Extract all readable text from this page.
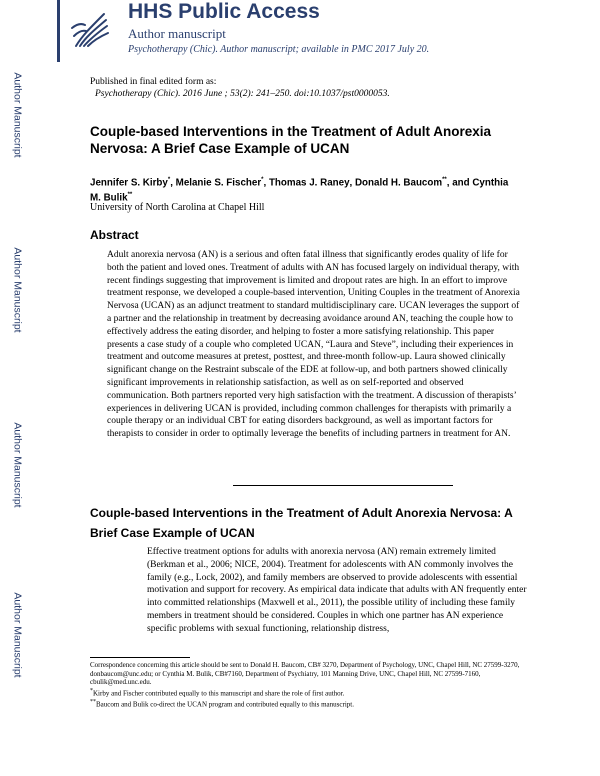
Author Manuscript
Author Manuscript
Author Manuscript
Author Manuscript
HHS Public Access
Author manuscript
Psychotherapy (Chic). Author manuscript; available in PMC 2017 July 20.
Published in final edited form as:
Psychotherapy (Chic). 2016 June ; 53(2): 241–250. doi:10.1037/pst0000053.
Couple-based Interventions in the Treatment of Adult Anorexia Nervosa: A Brief Case Example of UCAN
Jennifer S. Kirby*, Melanie S. Fischer*, Thomas J. Raney, Donald H. Baucom**, and Cynthia M. Bulik**
University of North Carolina at Chapel Hill
Abstract
Adult anorexia nervosa (AN) is a serious and often fatal illness that significantly erodes quality of life for both the patient and loved ones. Treatment of adults with AN has focused largely on individual therapy, with recent findings suggesting that improvement is limited and dropout rates are high. In an effort to improve treatment response, we developed a couple-based intervention, Uniting Couples in the treatment of Anorexia Nervosa (UCAN) as an adjunct treatment to standard multidisciplinary care. UCAN leverages the support of a partner and the relationship in treatment by decreasing avoidance around AN, teaching the couple how to effectively address the eating disorder, and helping to foster a more satisfying relationship. This paper presents a case study of a couple who completed UCAN, “Laura and Steve”, including their experiences in treatment and outcome measures at pretest, posttest, and three-month follow-up. Laura showed clinically significant change on the Restraint subscale of the EDE at follow-up, and both partners showed clinically significant improvements in relationship satisfaction, as well as on self-reported and observed communication. Both partners reported very high satisfaction with the treatment. A discussion of therapists’ experiences in delivering UCAN is provided, including common challenges for therapists with primarily a couple therapy or an individual CBT for eating disorders background, as well as important factors for therapists to consider in order to optimally leverage the benefits of including partners in treatment for AN.
Couple-based Interventions in the Treatment of Adult Anorexia Nervosa: A Brief Case Example of UCAN
Effective treatment options for adults with anorexia nervosa (AN) remain extremely limited (Berkman et al., 2006; NICE, 2004). Treatment for adolescents with AN commonly involves the family (e.g., Lock, 2002), and family members are observed to provide adolescents with essential motivation and support for recovery. As empirical data indicate that adults with AN frequently enter into committed relationships (Maxwell et al., 2011), the possible utility of including these family members in treatment should be considered. Couples in which one partner has AN experience specific problems with sexual functioning, relationship distress,
Correspondence concerning this article should be sent to Donald H. Baucom, CB# 3270, Department of Psychology, UNC, Chapel Hill, NC 27599-3270, donbaucom@unc.edu; or Cynthia M. Bulik, CB#7160, Department of Psychiatry, 101 Manning Drive, UNC, Chapel Hill, NC 27599-7160, cbulik@med.unc.edu.
*Kirby and Fischer contributed equally to this manuscript and share the role of first author.
**Baucom and Bulik co-direct the UCAN program and contributed equally to this manuscript.
